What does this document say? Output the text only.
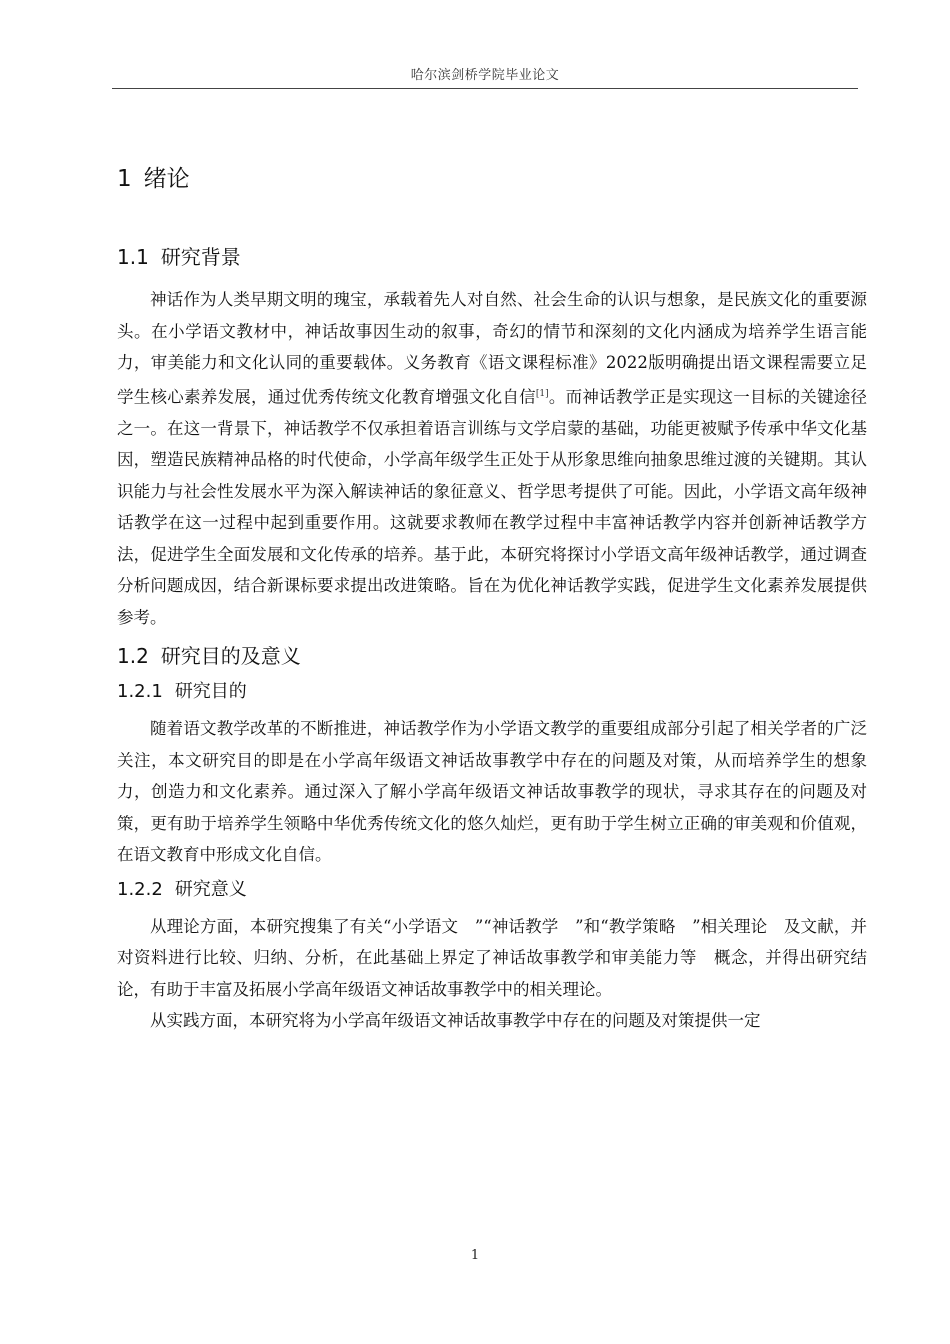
哈尔滨剑桥学院毕业论文
1 绪论
1.1 研究背景

神话作为人类早期文明的瑰宝，承载着先人对自然、社会生命的认识与想象，是民族文化的重要源头。在小学语文教材中，神话故事因生动的叙事，奇幻的情节和深刻的文化内涵成为培养学生语言能力，审美能力和文化认同的重要载体。义务教育《语文课程标准》2022版明确提出语文课程需要立足学生核心素养发展，通过优秀传统文化教育增强文化自信[1]。而神话教学正是实现这一目标的关键途径之一。在这一背景下，神话教学不仅承担着语言训练与文学启蒙的基础，功能更被赋予传承中华文化基因，塑造民族精神品格的时代使命，小学高年级学生正处于从形象思维向抽象思维过渡的关键期。其认识能力与社会性发展水平为深入解读神话的象征意义、哲学思考提供了可能。因此，小学语文高年级神话教学在这一过程中起到重要作用。这就要求教师在教学过程中丰富神话教学内容并创新神话教学方法，促进学生全面发展和文化传承的培养。基于此，本研究将探讨小学语文高年级神话教学，通过调查分析问题成因，结合新课标要求提出改进策略。旨在为优化神话教学实践，促进学生文化素养发展提供参考。

1.2 研究目的及意义
1.2.1 研究目的

随着语文教学改革的不断推进，神话教学作为小学语文教学的重要组成部分引起了相关学者的广泛关注，本文研究目的即是在小学高年级语文神话故事教学中存在的问题及对策，从而培养学生的想象力，创造力和文化素养。通过深入了解小学高年级语文神话故事教学的现状，寻求其存在的问题及对策，更有助于培养学生领略中华优秀传统文化的悠久灿烂，更有助于学生树立正确的审美观和价值观，在语文教育中形成文化自信。

1.2.2 研究意义

从理论方面，本研究搜集了有关“小学语文　”“神话教学　”和“教学策略　”相关理论　及文献，并对资料进行比较、归纳、分析，在此基础上界定了神话故事教学和审美能力等　概念，并得出研究结论，有助于丰富及拓展小学高年级语文神话故事教学中的相关理论。

从实践方面，本研究将为小学高年级语文神话故事教学中存在的问题及对策提供一定

1
